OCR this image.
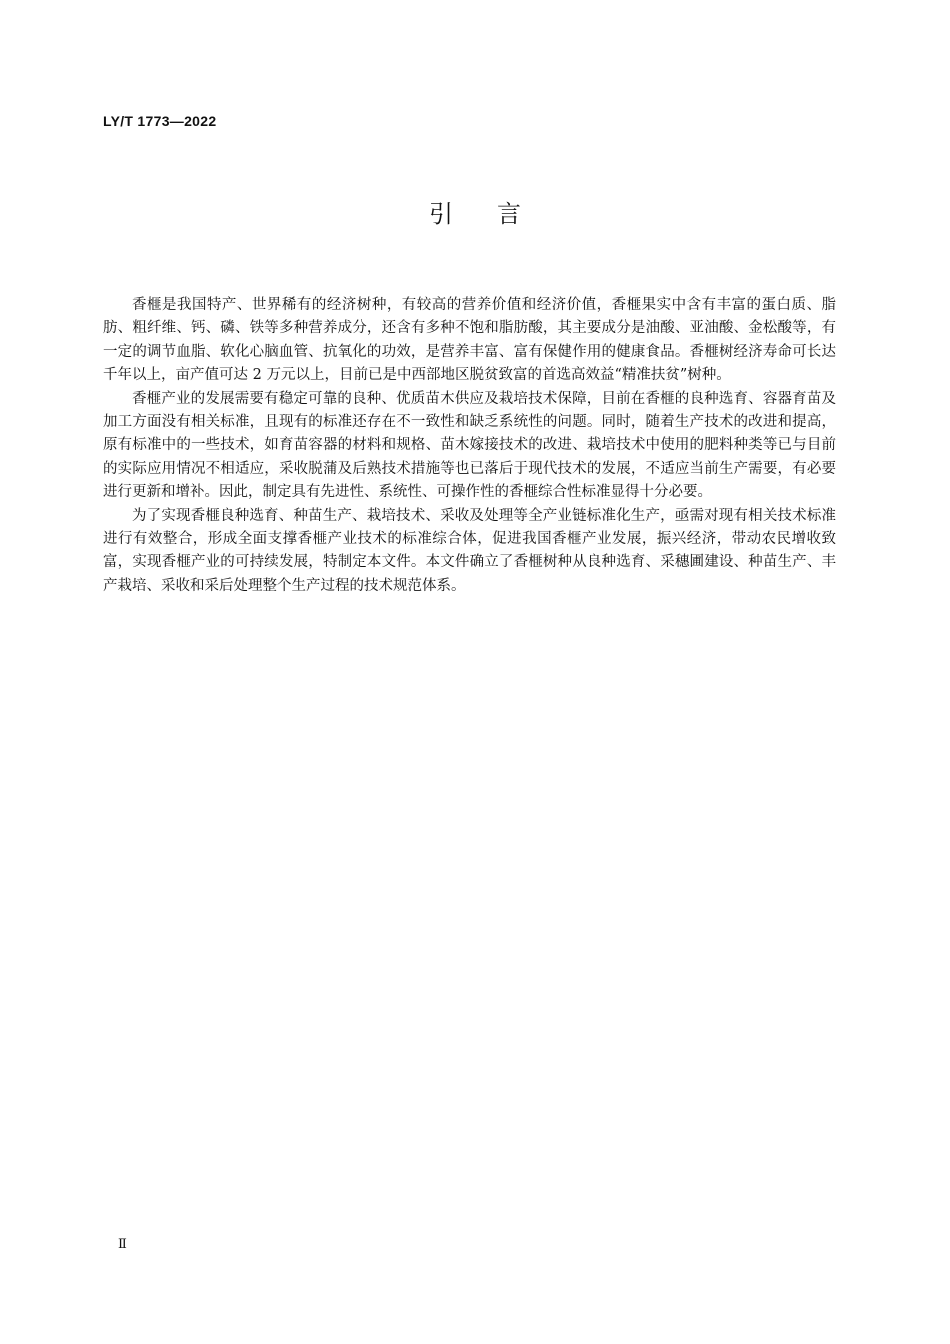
LY/T 1773—2022
引言

香榧是我国特产、世界稀有的经济树种，有较高的营养价值和经济价值，香榧果实中含有丰富的蛋白质、脂肪、粗纤维、钙、磷、铁等多种营养成分，还含有多种不饱和脂肪酸，其主要成分是油酸、亚油酸、金松酸等，有一定的调节血脂、软化心脑血管、抗氧化的功效，是营养丰富、富有保健作用的健康食品。香榧树经济寿命可长达千年以上，亩产值可达 2 万元以上，目前已是中西部地区脱贫致富的首选高效益“精准扶贫”树种。

香榧产业的发展需要有稳定可靠的良种、优质苗木供应及栽培技术保障，目前在香榧的良种选育、容器育苗及加工方面没有相关标准，且现有的标准还存在不一致性和缺乏系统性的问题。同时，随着生产技术的改进和提高，原有标准中的一些技术，如育苗容器的材料和规格、苗木嫁接技术的改进、栽培技术中使用的肥料种类等已与目前的实际应用情况不相适应，采收脱蒲及后熟技术措施等也已落后于现代技术的发展，不适应当前生产需要，有必要进行更新和增补。因此，制定具有先进性、系统性、可操作性的香榧综合性标准显得十分必要。

为了实现香榧良种选育、种苗生产、栽培技术、采收及处理等全产业链标准化生产，亟需对现有相关技术标准进行有效整合，形成全面支撑香榧产业技术的标准综合体，促进我国香榧产业发展，振兴经济，带动农民增收致富，实现香榧产业的可持续发展，特制定本文件。本文件确立了香榧树种从良种选育、采穗圃建设、种苗生产、丰产栽培、采收和采后处理整个生产过程的技术规范体系。

Ⅱ
